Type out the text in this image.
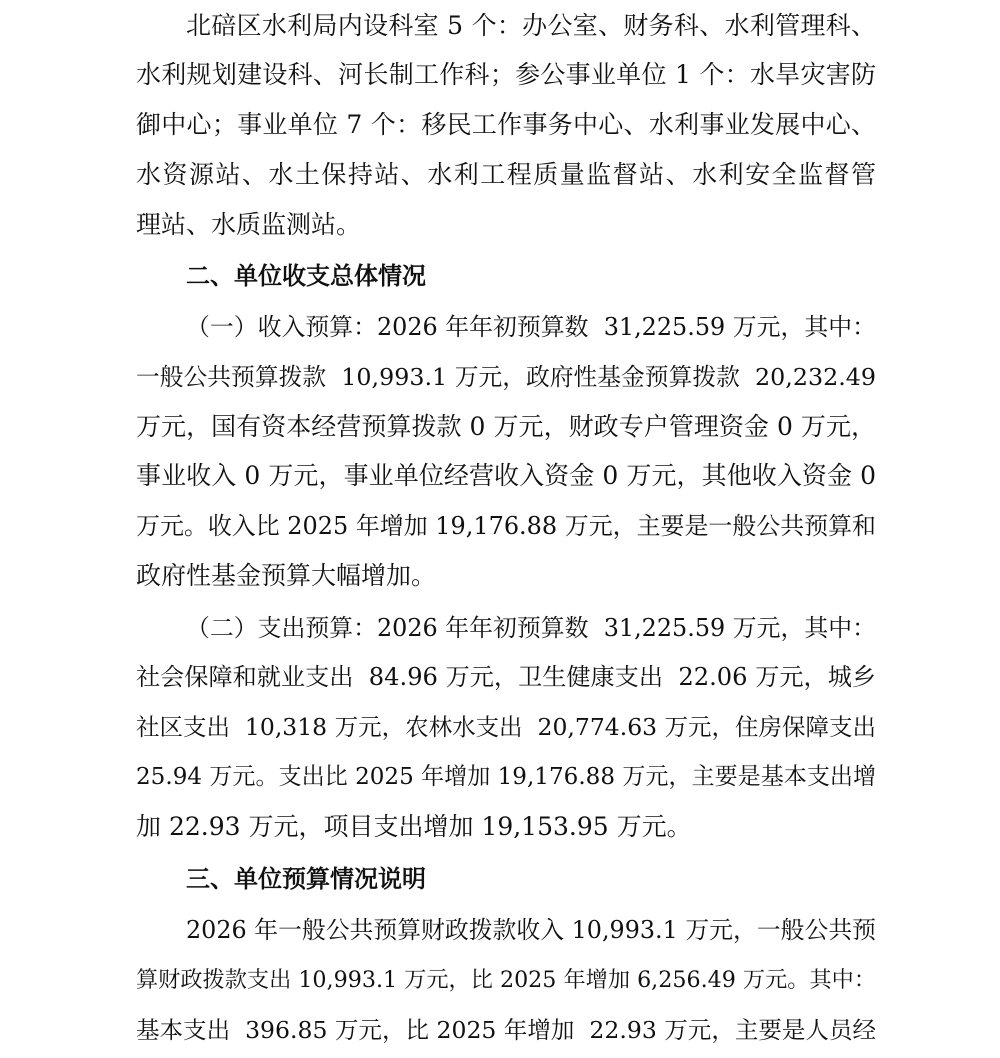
北碚区水利局内设科室 5 个：办公室、财务科、水利管理科、
水利规划建设科、河长制工作科；参公事业单位 1 个：水旱灾害防
御中心；事业单位 7 个：移民工作事务中心、水利事业发展中心、
水资源站、水土保持站、水利工程质量监督站、水利安全监督管
理站、水质监测站。
二、单位收支总体情况
（一）收入预算：2026 年年初预算数  31,225.59 万元，其中：
一般公共预算拨款  10,993.1 万元，政府性基金预算拨款  20,232.49
万元，国有资本经营预算拨款 0 万元，财政专户管理资金 0 万元，
事业收入 0 万元，事业单位经营收入资金 0 万元，其他收入资金 0
万元。收入比 2025 年增加 19,176.88 万元，主要是一般公共预算和
政府性基金预算大幅增加。
（二）支出预算：2026 年年初预算数  31,225.59 万元，其中：
社会保障和就业支出  84.96 万元，卫生健康支出  22.06 万元，城乡
社区支出  10,318 万元，农林水支出  20,774.63 万元，住房保障支出
25.94 万元。支出比 2025 年增加 19,176.88 万元，主要是基本支出增
加 22.93 万元，项目支出增加 19,153.95 万元。
三、单位预算情况说明
2026 年一般公共预算财政拨款收入 10,993.1 万元，一般公共预
算财政拨款支出 10,993.1 万元，比 2025 年增加 6,256.49 万元。其中：
基本支出  396.85 万元，比 2025 年增加  22.93 万元，主要是人员经
